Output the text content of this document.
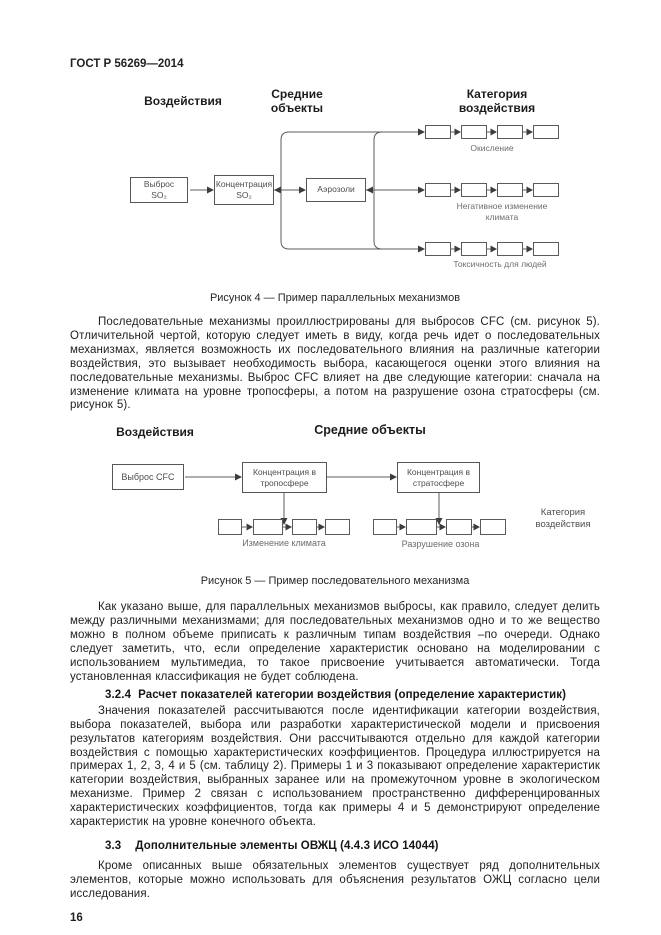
ГОСТ Р 56269—2014
Воздействия	Средние объекты
Категория воздействия
Выброс
SO₂
Концентрация
SO₂
Аэрозоли
Окисление
Негативное изменение климата
Токсичность для людей
Рисунок 4 — Пример параллельных механизмов

Последовательные механизмы проиллюстрированы для выбросов CFC (см. рисунок 5). Отличительной чертой, которую следует иметь в виду, когда речь идет о последовательных механизмах, является возможность их последовательного влияния на различные категории воздействия, это вызывает необходимость выбора, касающегося оценки этого влияния на последовательные механизмы. Выброс CFC влияет на две следующие категории: сначала на изменение климата на уровне тропосферы, а потом на разрушение озона стратосферы (см. рисунок 5).

Воздействия	Средние объекты
Выброс CFC	Концентрация в
тропосфере
Концентрация в
стратосфере
Изменение климата	Разрушение озона
Категория воздействия
Рисунок 5 — Пример последовательного механизма

Как указано выше, для параллельных механизмов выбросы, как правило, следует делить между различными механизмами; для последовательных механизмов одно и то же вещество можно в полном объеме приписать к различным типам воздействия –по очереди. Однако следует заметить, что, если определение характеристик основано на моделировании с использованием мультимедиа, то такое присвоение учитывается автоматически. Тогда установленная классификация не будет соблюдена.

3.2.4 Расчет показателей категории воздействия (определение характеристик)

Значения показателей рассчитываются после идентификации категории воздействия, выбора показателей, выбора или разработки характеристической модели и присвоения результатов категориям воздействия. Они рассчитываются отдельно для каждой категории воздействия с помощью характеристических коэффициентов. Процедура иллюстрируется на примерах 1, 2, 3, 4 и 5 (см. таблицу 2). Примеры 1 и 3 показывают определение характеристик категории воздействия, выбранных заранее или на промежуточном уровне в экологическом механизме. Пример 2 связан с использованием пространственно дифференцированных характеристических коэффициентов, тогда как примеры 4 и 5 демонстрируют определение характеристик на уровне конечного объекта.

3.3 Дополнительные элементы ОВЖЦ (4.4.3 ИСО 14044)

Кроме описанных выше обязательных элементов существует ряд дополнительных элементов, которые можно использовать для объяснения результатов ОЖЦ согласно цели исследования.

16
